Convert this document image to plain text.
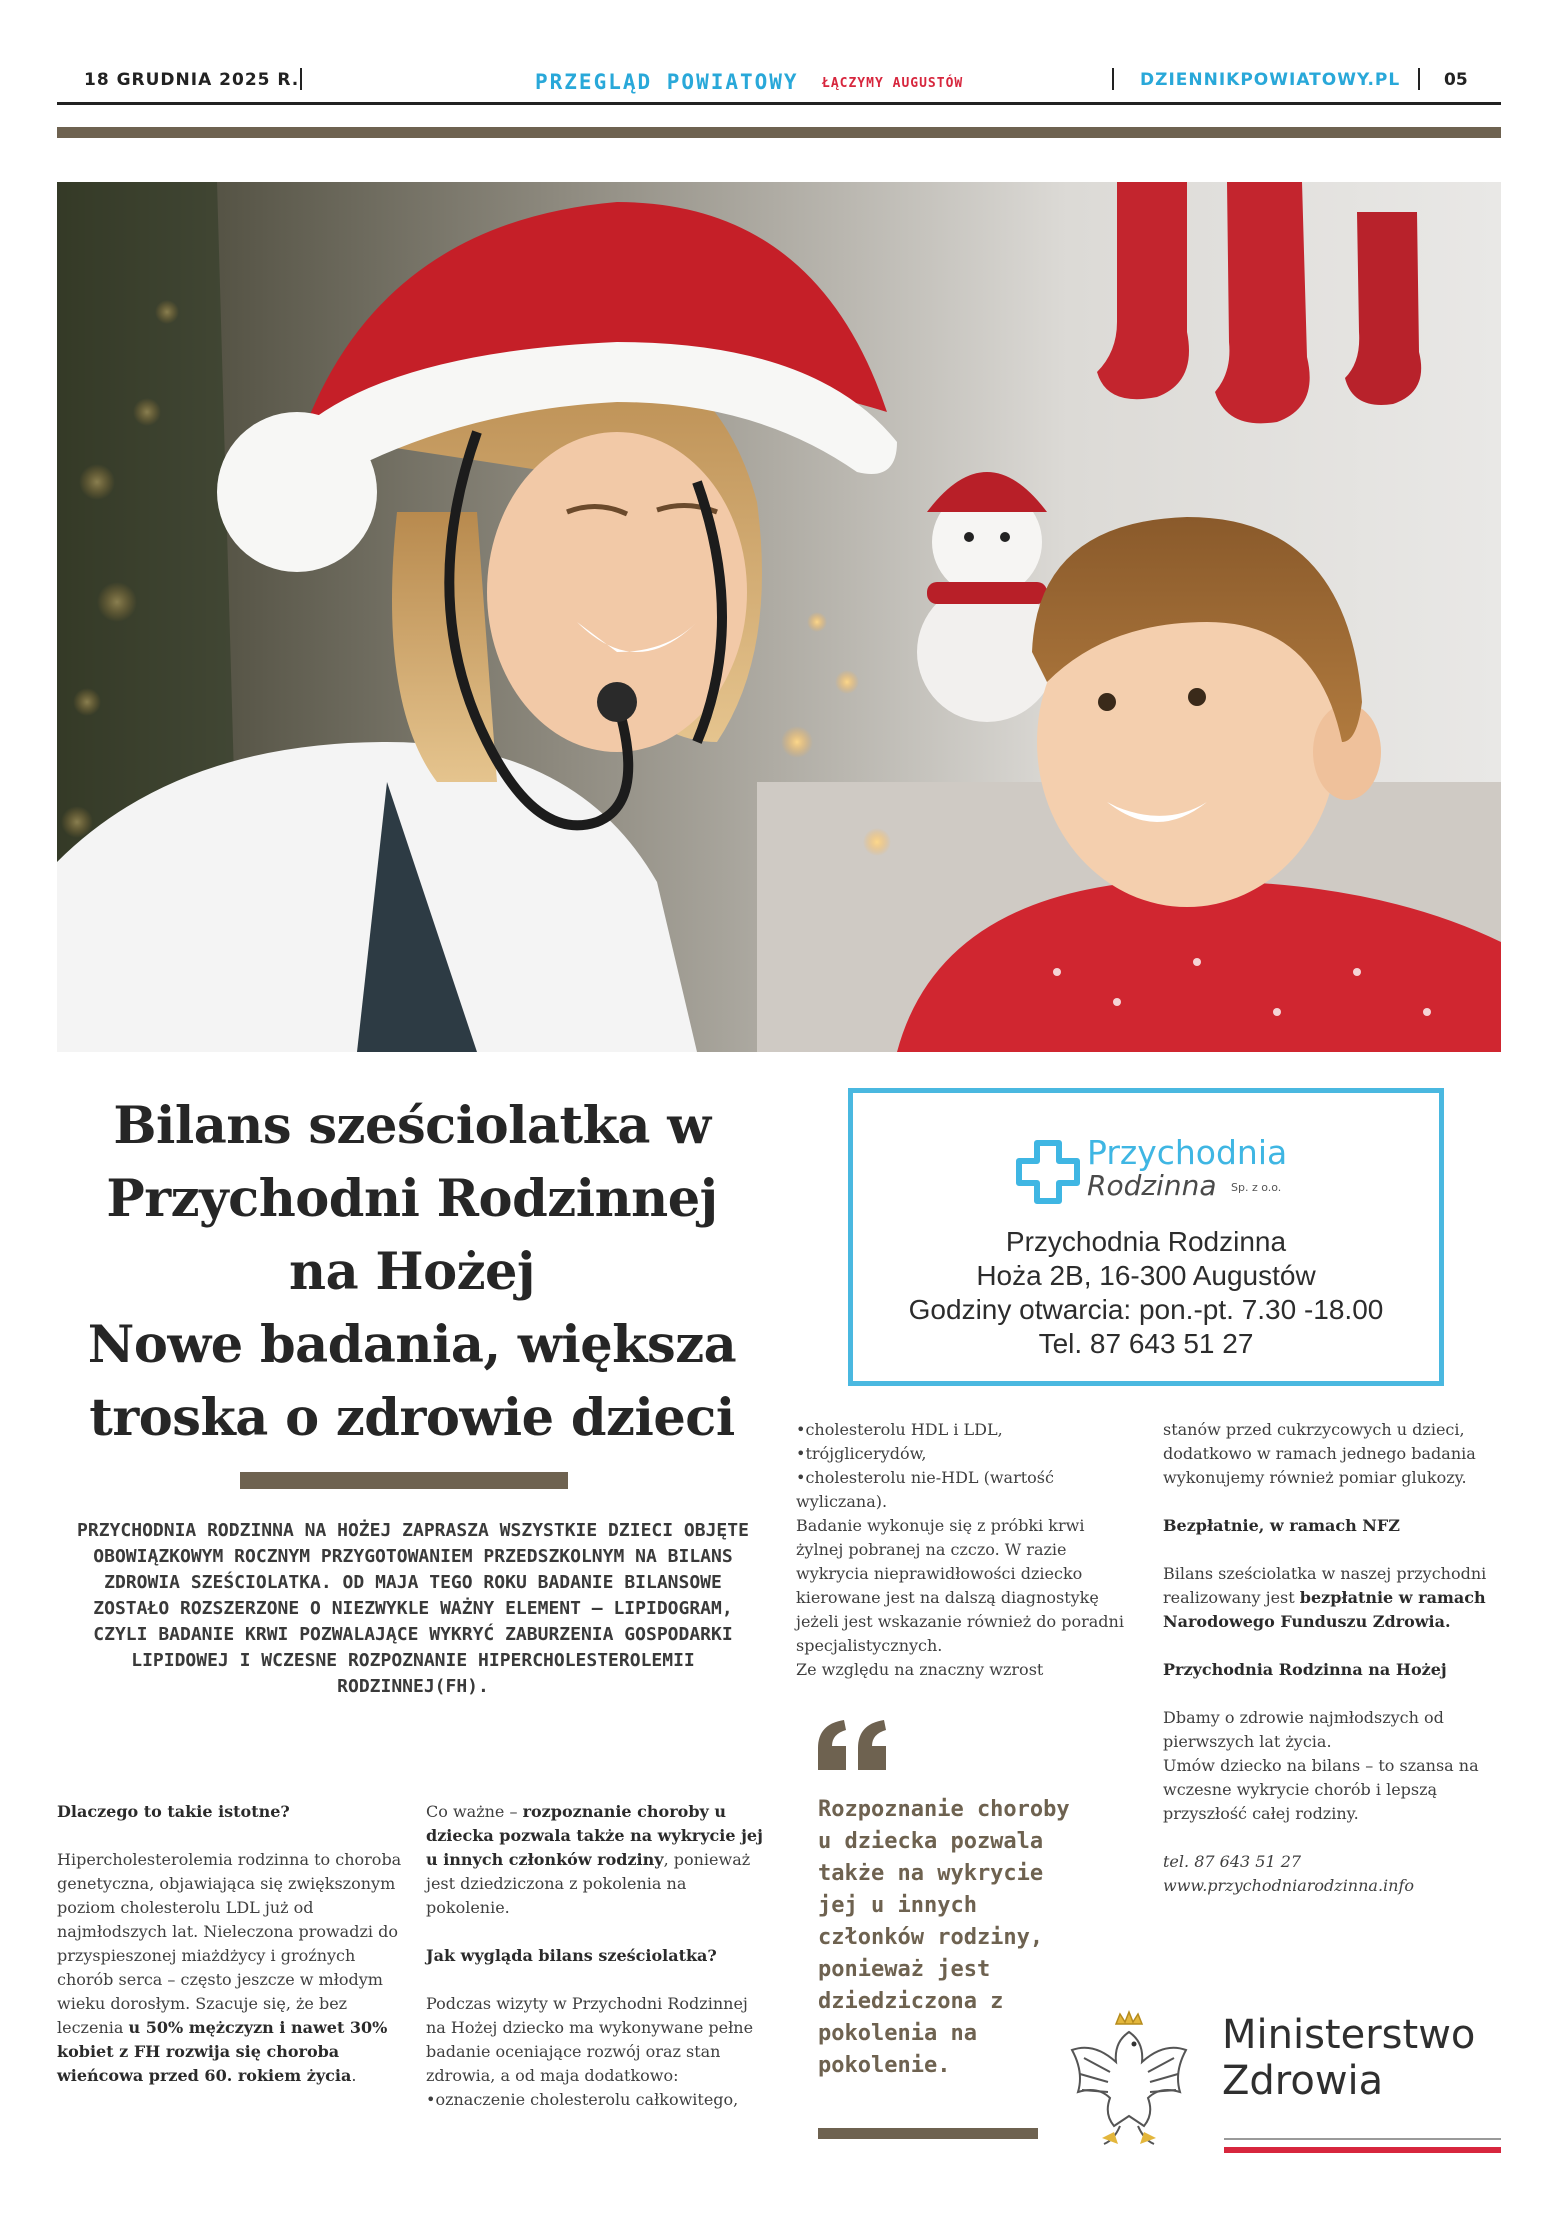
18 GRUDNIA 2025 R.	PRZEGLĄD POWIATOWY ŁĄCZYMY AUGUSTÓW	DZIENNIKPOWIATOWY.PL	05
Bilans sześciolatka w
Przychodni Rodzinnej
na Hożej
Nowe badania, większa
troska o zdrowie dzieci
PRZYCHODNIA RODZINNA NA HOŻEJ ZAPRASZA WSZYSTKIE DZIECI OBJĘTE OBOWIĄZKOWYM ROCZNYM PRZYGOTOWANIEM PRZEDSZKOLNYM NA BILANS ZDROWIA SZEŚCIOLATKA. OD MAJA TEGO ROKU BADANIE BILANSOWE ZOSTAŁO ROZSZERZONE O NIEZWYKLE WAŻNY ELEMENT – LIPIDOGRAM, CZYLI BADANIE KRWI POZWALAJĄCE WYKRYĆ ZABURZENIA GOSPODARKI LIPIDOWEJ I WCZESNE ROZPOZNANIE HIPERCHOLESTEROLEMII RODZINNEJ(FH).
Przychodnia
Rodzinna Sp. z o.o.
Przychodnia Rodzinna
Hoża 2B, 16-300 Augustów
Godziny otwarcia: pon.-pt. 7.30 -18.00
Tel. 87 643 51 27

Dlaczego to takie istotne?

Hipercholesterolemia rodzinna to choroba genetyczna, objawiająca się zwiększonym poziom cholesterolu LDL już od najmłodszych lat. Nieleczona prowadzi do przyspieszonej miażdżycy i groźnych chorób serca – często jeszcze w młodym wieku dorosłym. Szacuje się, że bez leczenia u 50% mężczyzn i nawet 30% kobiet z FH rozwija się choroba wieńcowa przed 60. rokiem życia.

Co ważne – rozpoznanie choroby u dziecka pozwala także na wykrycie jej u innych członków rodziny, ponieważ jest dziedziczona z pokolenia na pokolenie.

Jak wygląda bilans sześciolatka?

Podczas wizyty w Przychodni Rodzinnej na Hożej dziecko ma wykonywane pełne badanie oceniające rozwój oraz stan zdrowia, a od maja dodatkowo:

•oznaczenie cholesterolu całkowitego,

•cholesterolu HDL i LDL,

•trójglicerydów,

•cholesterolu nie-HDL (wartość wyliczana).

Badanie wykonuje się z próbki krwi żylnej pobranej na czczo. W razie wykrycia nieprawidłowości dziecko kierowane jest na dalszą diagnostykę jeżeli jest wskazanie również do poradni specjalistycznych.

Ze względu na znaczny wzrost

Rozpoznanie choroby u dziecka pozwala także na wykrycie jej u innych członków rodziny, ponieważ jest dziedziczona z pokolenia na pokolenie.

stanów przed cukrzycowych u dzieci, dodatkowo w ramach jednego badania wykonujemy również pomiar glukozy.

Bezpłatnie, w ramach NFZ

Bilans sześciolatka w naszej przychodni realizowany jest bezpłatnie w ramach Narodowego Funduszu Zdrowia.

Przychodnia Rodzinna na Hożej

Dbamy o zdrowie najmłodszych od pierwszych lat życia.

Umów dziecko na bilans – to szansa na wczesne wykrycie chorób i lepszą przyszłość całej rodziny.

tel. 87 643 51 27

www.przychodniarodzinna.info

Ministerstwo
Zdrowia
